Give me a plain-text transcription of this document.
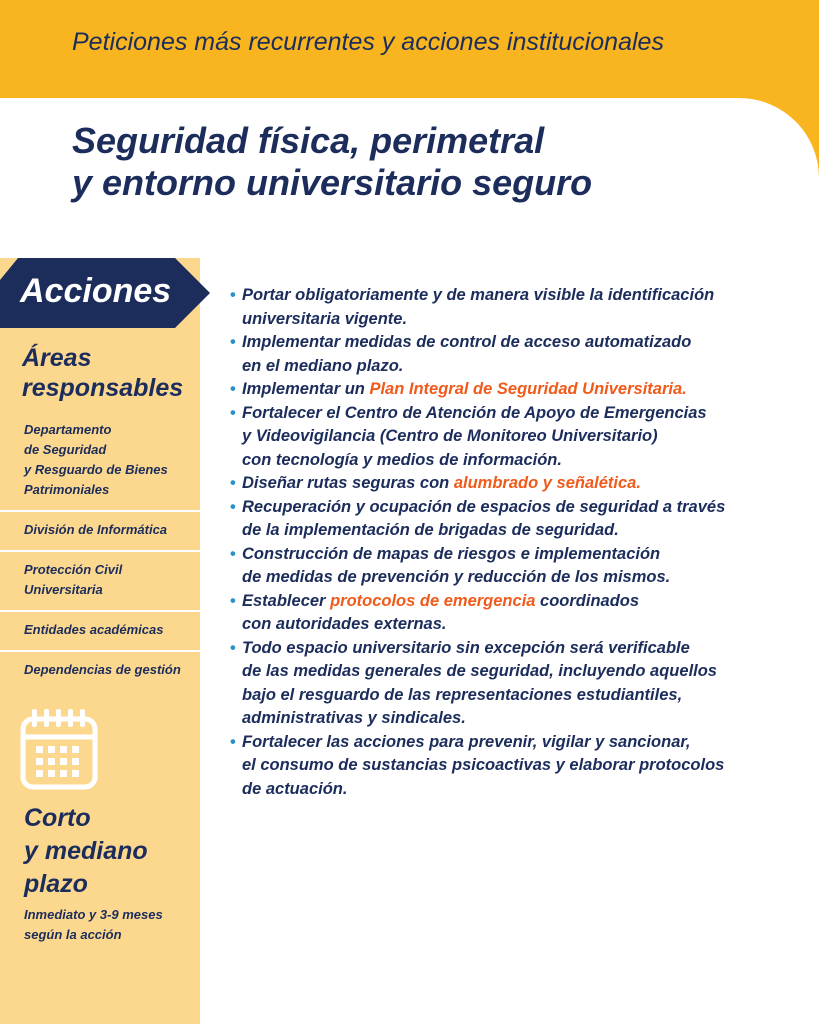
Peticiones más recurrentes y acciones institucionales
Seguridad física, perimetral
y entorno universitario seguro
Acciones
Áreas
responsables
Departamento
de Seguridad
y Resguardo de Bienes
Patrimoniales
División de Informática
Protección Civil
Universitaria
Entidades académicas
Dependencias de gestión
Corto
y mediano
plazo

Inmediato y 3-9 meses
según la acción

• Portar obligatoriamente y de manera visible la identificación
universitaria vigente.
• Implementar medidas de control de acceso automatizado
en el mediano plazo.
• Implementar un Plan Integral de Seguridad Universitaria.
• Fortalecer el Centro de Atención de Apoyo de Emergencias
y Videovigilancia (Centro de Monitoreo Universitario)
con tecnología y medios de información.
• Diseñar rutas seguras con alumbrado y señalética.
• Recuperación y ocupación de espacios de seguridad a través
de la implementación de brigadas de seguridad.
• Construcción de mapas de riesgos e implementación
de medidas de prevención y reducción de los mismos.
• Establecer protocolos de emergencia coordinados
con autoridades externas.
• Todo espacio universitario sin excepción será verificable
de las medidas generales de seguridad, incluyendo aquellos
bajo el resguardo de las representaciones estudiantiles,
administrativas y sindicales.
• Fortalecer las acciones para prevenir, vigilar y sancionar,
el consumo de sustancias psicoactivas y elaborar protocolos
de actuación.
